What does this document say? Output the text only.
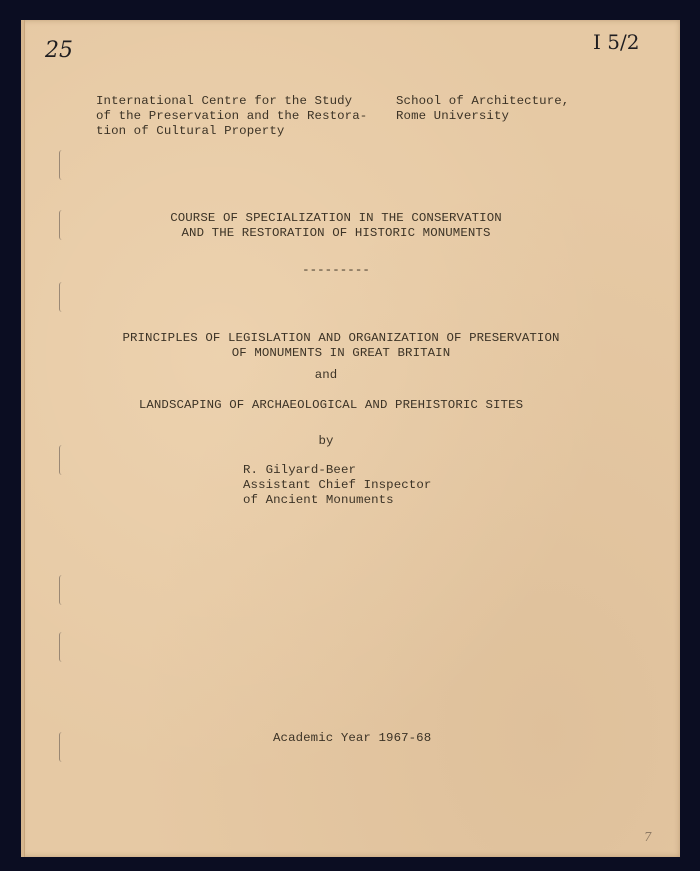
25	I 5/2
7
International Centre for the Study
of the Preservation and the Restora-
tion of Cultural Property
School of Architecture,
Rome University
COURSE OF SPECIALIZATION IN THE CONSERVATION
AND THE RESTORATION OF HISTORIC MONUMENTS
---------
PRINCIPLES OF LEGISLATION AND ORGANIZATION OF PRESERVATION
OF MONUMENTS IN GREAT BRITAIN
and
LANDSCAPING OF ARCHAEOLOGICAL AND PREHISTORIC SITES
by
R. Gilyard-Beer
Assistant Chief Inspector
of Ancient Monuments
Academic Year 1967-68
